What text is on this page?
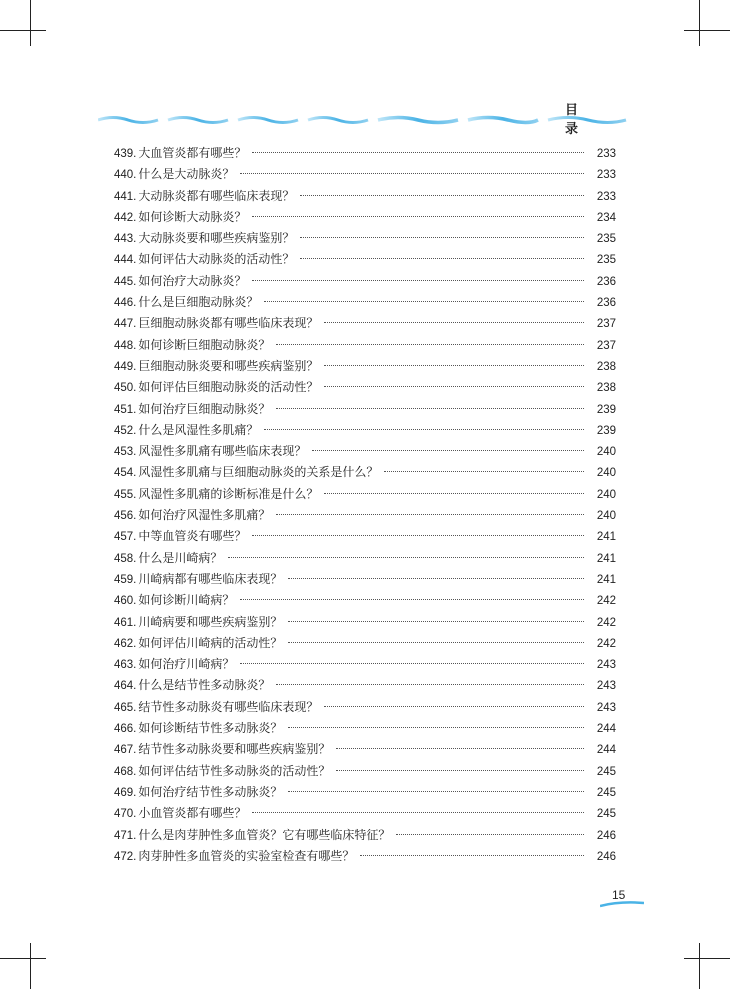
目 录
439. 大血管炎都有哪些？	233
440. 什么是大动脉炎？	233
441. 大动脉炎都有哪些临床表现？	233
442. 如何诊断大动脉炎？	234
443. 大动脉炎要和哪些疾病鉴别？	235
444. 如何评估大动脉炎的活动性？	235
445. 如何治疗大动脉炎？	236
446. 什么是巨细胞动脉炎？	236
447. 巨细胞动脉炎都有哪些临床表现？	237
448. 如何诊断巨细胞动脉炎？	237
449. 巨细胞动脉炎要和哪些疾病鉴别？	238
450. 如何评估巨细胞动脉炎的活动性？	238
451. 如何治疗巨细胞动脉炎？	239
452. 什么是风湿性多肌痛？	239
453. 风湿性多肌痛有哪些临床表现？	240
454. 风湿性多肌痛与巨细胞动脉炎的关系是什么？	240
455. 风湿性多肌痛的诊断标准是什么？	240
456. 如何治疗风湿性多肌痛？	240
457. 中等血管炎有哪些？	241
458. 什么是川崎病？	241
459. 川崎病都有哪些临床表现？	241
460. 如何诊断川崎病？	242
461. 川崎病要和哪些疾病鉴别？	242
462. 如何评估川崎病的活动性？	242
463. 如何治疗川崎病？	243
464. 什么是结节性多动脉炎？	243
465. 结节性多动脉炎有哪些临床表现？	243
466. 如何诊断结节性多动脉炎？	244
467. 结节性多动脉炎要和哪些疾病鉴别？	244
468. 如何评估结节性多动脉炎的活动性？	245
469. 如何治疗结节性多动脉炎？	245
470. 小血管炎都有哪些？	245
471. 什么是肉芽肿性多血管炎？它有哪些临床特征？	246
472. 肉芽肿性多血管炎的实验室检查有哪些？	246
15
